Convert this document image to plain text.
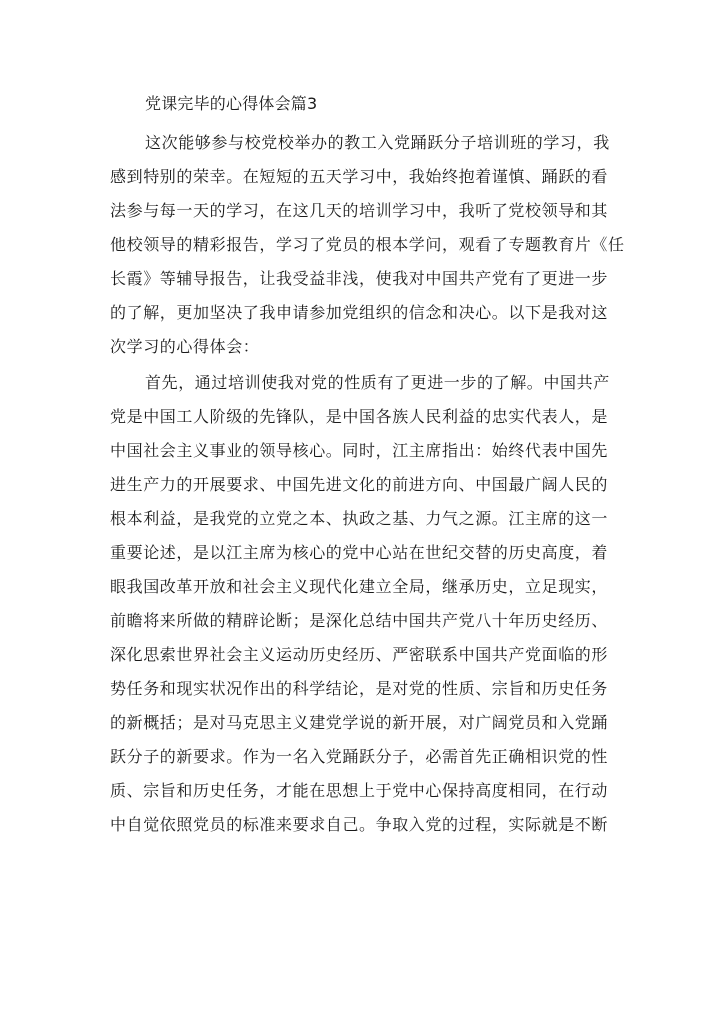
党课完毕的心得体会篇3
这次能够参与校党校举办的教工入党踊跃分子培训班的学习，我
感到特别的荣幸。在短短的五天学习中，我始终抱着谨慎、踊跃的看
法参与每一天的学习，在这几天的培训学习中，我听了党校领导和其
他校领导的精彩报告，学习了党员的根本学问，观看了专题教育片《任
长霞》等辅导报告，让我受益非浅，使我对中国共产党有了更进一步
的了解，更加坚决了我申请参加党组织的信念和决心。以下是我对这
次学习的心得体会：
首先，通过培训使我对党的性质有了更进一步的了解。中国共产
党是中国工人阶级的先锋队，是中国各族人民利益的忠实代表人，是
中国社会主义事业的领导核心。同时，江主席指出：始终代表中国先
进生产力的开展要求、中国先进文化的前进方向、中国最广阔人民的
根本利益，是我党的立党之本、执政之基、力气之源。江主席的这一
重要论述，是以江主席为核心的党中心站在世纪交替的历史高度，着
眼我国改革开放和社会主义现代化建立全局，继承历史，立足现实，
前瞻将来所做的精辟论断；是深化总结中国共产党八十年历史经历、
深化思索世界社会主义运动历史经历、严密联系中国共产党面临的形
势任务和现实状况作出的科学结论，是对党的性质、宗旨和历史任务
的新概括；是对马克思主义建党学说的新开展，对广阔党员和入党踊
跃分子的新要求。作为一名入党踊跃分子，必需首先正确相识党的性
质、宗旨和历史任务，才能在思想上于党中心保持高度相同，在行动
中自觉依照党员的标准来要求自己。争取入党的过程，实际就是不断
